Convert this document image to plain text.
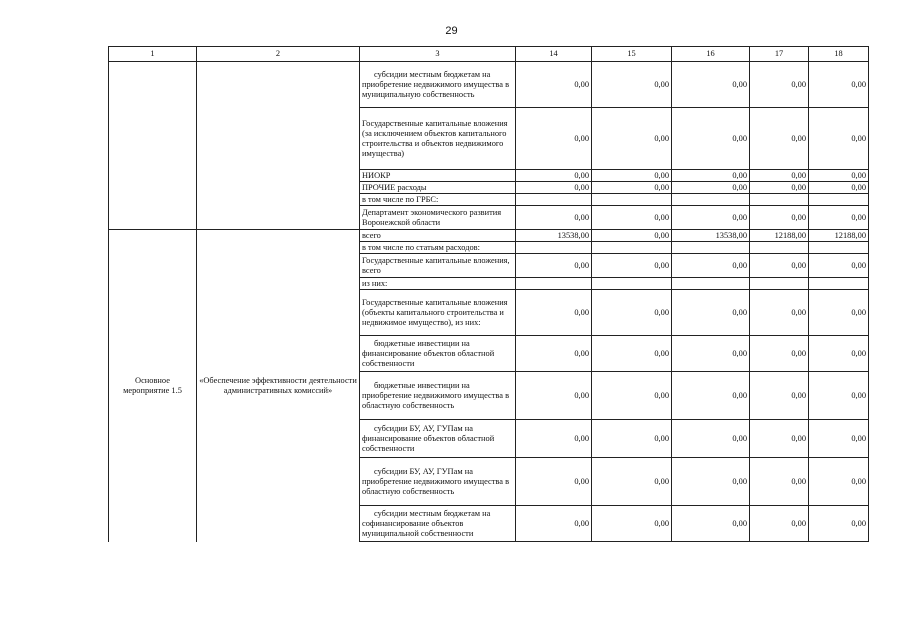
29
1	2	3	14	15	16	17	18
		субсидии местным бюджетам на приобретение недвижимого имущества в муниципальную собственность	0,00	0,00	0,00	0,00	0,00
		Государственные капитальные вложения (за исключением объектов капитального строительства и объектов недвижимого имущества)	0,00	0,00	0,00	0,00	0,00
		НИОКР	0,00	0,00	0,00	0,00	0,00
		ПРОЧИЕ расходы	0,00	0,00	0,00	0,00	0,00
		в том числе по ГРБС:					
		Департамент экономического развития Воронежской области	0,00	0,00	0,00	0,00	0,00
Основное мероприятие 1.5	«Обеспечение эффективности деятельности административных комиссий»	всего	13538,00	0,00	13538,00	12188,00	12188,00
		в том числе по статьям расходов:					
		Государственные капитальные вложения, всего	0,00	0,00	0,00	0,00	0,00
		из них:					
		Государственные капитальные вложения (объекты капитального строительства и недвижимое имущество), из них:	0,00	0,00	0,00	0,00	0,00
		бюджетные инвестиции на финансирование объектов областной собственности	0,00	0,00	0,00	0,00	0,00
		бюджетные инвестиции на приобретение недвижимого имущества в областную собственность	0,00	0,00	0,00	0,00	0,00
		субсидии БУ, АУ, ГУПам на финансирование объектов областной собственности	0,00	0,00	0,00	0,00	0,00
		субсидии БУ, АУ, ГУПам на приобретение недвижимого имущества в областную собственность	0,00	0,00	0,00	0,00	0,00
		субсидии местным бюджетам на софинансирование объектов муниципальной собственности	0,00	0,00	0,00	0,00	0,00
